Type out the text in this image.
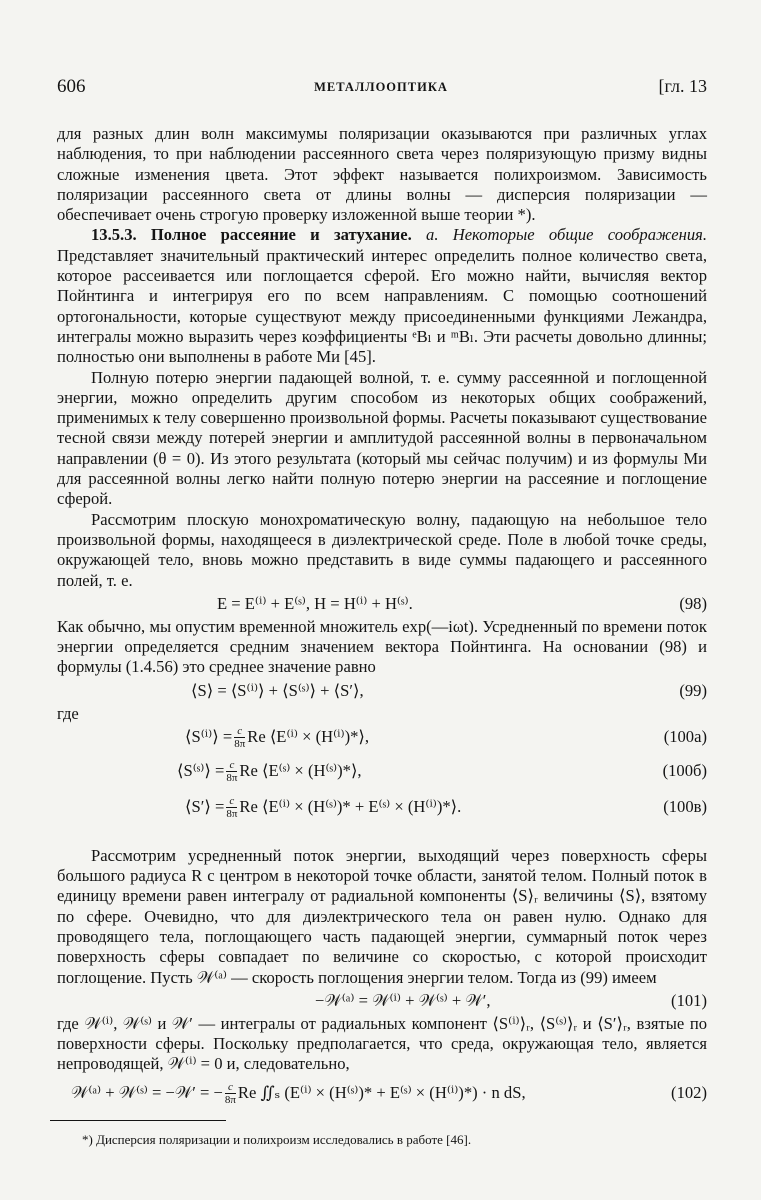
606	МЕТАЛЛООПТИКА	[гл. 13

для разных длин волн максимумы поляризации оказываются при различных углах наблюдения, то при наблюдении рассеянного света через поляризующую призму видны сложные изменения цвета. Этот эффект называется полихроизмом. Зависимость поляризации рассеянного света от длины волны — дисперсия поляризации — обеспечивает очень строгую проверку изложенной выше теории *).

13.5.3. Полное рассеяние и затухание. а. Некоторые общие соображения. Представляет значительный практический интерес определить полное количество света, которое рассеивается или поглощается сферой. Его можно найти, вычисляя вектор Пойнтинга и интегрируя его по всем направлениям. С помощью соотношений ортогональности, которые существуют между присоединенными функциями Лежандра, интегралы можно выразить через коэффициенты ᵉBₗ и ᵐBₗ. Эти расчеты довольно длинны; полностью они выполнены в работе Ми [45].

Полную потерю энергии падающей волной, т. е. сумму рассеянной и поглощенной энергии, можно определить другим способом из некоторых общих соображений, применимых к телу совершенно произвольной формы. Расчеты показывают существование тесной связи между потерей энергии и амплитудой рассеянной волны в первоначальном направлении (θ = 0). Из этого результата (который мы сейчас получим) и из формулы Ми для рассеянной волны легко найти полную потерю энергии на рассеяние и поглощение сферой.

Рассмотрим плоскую монохроматическую волну, падающую на небольшое тело произвольной формы, находящееся в диэлектрической среде. Поле в любой точке среды, окружающей тело, вновь можно представить в виде суммы падающего и рассеянного полей, т. е.

E = E⁽ⁱ⁾ + E⁽ˢ⁾, H = H⁽ⁱ⁾ + H⁽ˢ⁾.	(98)

Как обычно, мы опустим временной множитель exp(—iωt). Усредненный по времени поток энергии определяется средним значением вектора Пойнтинга. На основании (98) и формулы (1.4.56) это среднее значение равно

⟨S⟩ = ⟨S⁽ⁱ⁾⟩ + ⟨S⁽ˢ⁾⟩ + ⟨S′⟩,	(99)
где
⟨S⁽ⁱ⁾⟩ = $\frac{c}{8\pi}$ Re ⟨E⁽ⁱ⁾ × (H⁽ⁱ⁾)*⟩,	(100а)
⟨S⁽ˢ⁾⟩ = $\frac{c}{8\pi}$ Re ⟨E⁽ˢ⁾ × (H⁽ˢ⁾)*⟩,	(100б)
⟨S′⟩ = $\frac{c}{8\pi}$ Re ⟨E⁽ⁱ⁾ × (H⁽ˢ⁾)* + E⁽ˢ⁾ × (H⁽ⁱ⁾)*⟩.	(100в)

Рассмотрим усредненный поток энергии, выходящий через поверхность сферы большого радиуса R с центром в некоторой точке области, занятой телом. Полный поток в единицу времени равен интегралу от радиальной компоненты ⟨S⟩ᵣ величины ⟨S⟩, взятому по сфере. Очевидно, что для диэлектрического тела он равен нулю. Однако для проводящего тела, поглощающего часть падающей энергии, суммарный поток через поверхность сферы совпадает по величине со скоростью, с которой происходит поглощение. Пусть 𝒲⁽ᵃ⁾ — скорость поглощения энергии телом. Тогда из (99) имеем

−𝒲⁽ᵃ⁾ = 𝒲⁽ⁱ⁾ + 𝒲⁽ˢ⁾ + 𝒲′,	(101)

где 𝒲⁽ⁱ⁾, 𝒲⁽ˢ⁾ и 𝒲′ — интегралы от радиальных компонент ⟨S⁽ⁱ⁾⟩ᵣ, ⟨S⁽ˢ⁾⟩ᵣ и ⟨S′⟩ᵣ, взятые по поверхности сферы. Поскольку предполагается, что среда, окружающая тело, является непроводящей, 𝒲⁽ⁱ⁾ = 0 и, следовательно,

𝒲⁽ᵃ⁾ + 𝒲⁽ˢ⁾ = −𝒲′ = − $\frac{c}{8\pi}$ Re ∬ₛ (E⁽ⁱ⁾ × (H⁽ˢ⁾)* + E⁽ˢ⁾ × (H⁽ⁱ⁾)*) · n dS,	(102)
*) Дисперсия поляризации и полихроизм исследовались в работе [46].
